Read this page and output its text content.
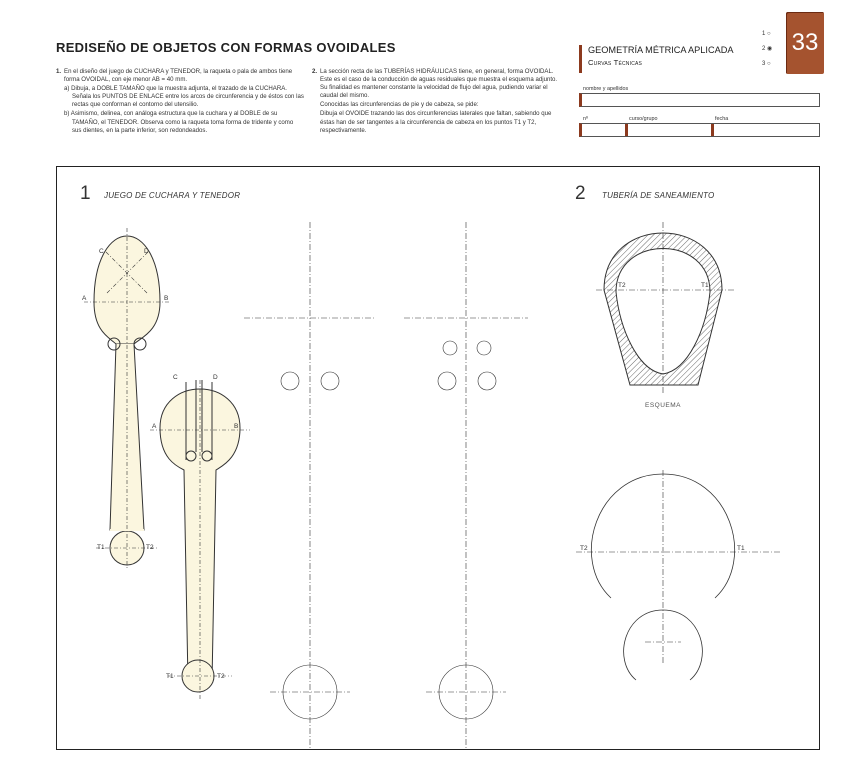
REDISEÑO DE OBJETOS CON FORMAS OVOIDALES
1. En el diseño del juego de CUCHARA y TENEDOR, la raqueta o pala de ambos tiene forma OVOIDAL, con eje menor AB = 40 mm.

a) Dibuja, a DOBLE TAMAÑO que la muestra adjunta, el trazado de la CUCHARA. Señala los PUNTOS DE ENLACE entre los arcos de circunferencia y de éstos con las rectas que conforman el contorno del utensilio.

b) Asimismo, delinea, con análoga estructura que la cuchara y al DOBLE de su TAMAÑO, el TENEDOR. Observa como la raqueta toma forma de tridente y como sus dientes, en la parte inferior, son redondeados.

2. La sección recta de las TUBERÍAS HIDRÁULICAS tiene, en general, forma OVOIDAL. Este es el caso de la conducción de aguas residuales que muestra el esquema adjunto. Su finalidad es mantener constante la velocidad de flujo del agua, pudiendo variar el caudal del mismo.

Conocidas las circunferencias de pie y de cabeza, se pide:

Dibuja el OVOIDE trazando las dos circunferencias laterales que faltan, sabiendo que éstas han de ser tangentes a la circunferencia de cabeza en los puntos T1 y T2, respectivamente.

GEOMETRÍA MÉTRICA APLICADA
Curvas Técnicas
1 ○
2 ◉
3 ○
33
nombre y apellidos
nº	curso/grupo	fecha
1 JUEGO DE CUCHARA Y TENEDOR	2 TUBERÍA DE SANEAMIENTO
ESQUEMA
C	D
A	B
T1	T2
C	D
A	B
T1	T2
T2	T1
T2	T1
